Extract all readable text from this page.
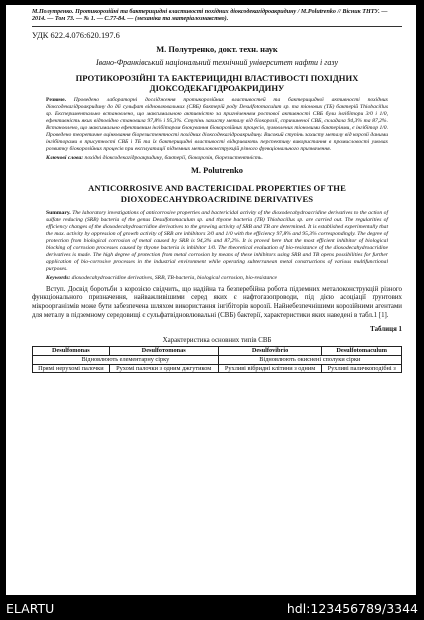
М.Полутренко. Протикорозійні та бактерицидні властивості похідних діоксодекагідроакридину / M.Polutrenko // Вісник ТНТУ. — 2014. — Том 73. — № 1. — С.77-84. — (механіка та матеріалознавство).
УДК 622.4.076:620.197.6
М. Полутренко, докт. техн. наук
Івано-Франківський національний технічний університет нафти і газу
ПРОТИКОРОЗІЙНІ ТА БАКТЕРИЦИДНІ ВЛАСТИВОСТІ ПОХІДНИХ ДІОКСОДЕКАГІДРОАКРИДИНУ
Резюме. Проведено лабораторні дослідження протикорозійних властивостей та бактерицидної активності похідних діоксодекагідроакридину до дії сульфат відновлювальних (СВБ) бактерій роду Desulfotomaculum sp. та тіонових (ТБ) бактерій Thiobacillus sp. Експериментально встановлено, що максимальною активністю за пригніченням ростової активності СВБ були інгібітори 3/0 і 1/0, ефективність яких відповідно становила 97,8% і 95,3%. Ступінь захисту металу від біокорозії, спричиненої СВБ, складала 94,3% та 87,2%. Встановлено, що максимально ефективним інгібітором блокування біокорозійних процесів, зумовлених тіоновими бактеріями, є інгібітор 1/0. Проведено теоретичне оцінювання біорезистентності похідних діоксодекагідроакридину. Високий ступінь захисту металу від корозії даними інгібіторами в присутності СВБ і ТБ та їх бактерицидні властивості відкривають перспективу використання в промисловості умовах розвитку біокорозійних процесів при експлуатації підземних металоконструкцій різного функціонального призначення.
Ключові слова: похідні діоксодекагідроакридину, бактерії, біокорозія, біорезистентність.
M. Polutrenko
ANTICORROSIVE AND BACTERICIDAL PROPERTIES OF THE DIOXODECAHYDROACRIDINE DERIVATIVES
Summary. The laboratory investigations of anticorrosive properties and bactericidal activity of the dioxodecahydroacridine derivatives to the action of sulfate reducing (SRB) bacteria of the genus Desulfotomaculum sp. and thyone bacteria (TB) Thiobacillus sp. are carried out. The regularities of efficiency changes of the dioxodecahydroacridine derivatives to the growing activity of SRB and TB are determined. It is established experimentally that the max. activity by oppression of growth activity of SRB are inhibitors 3/0 and 1/0 with the efficiency 97,8% and 95,3% correspondingly. The degree of protection from biological corrosion of metal caused by SRB is 94,3% and 87,2%. It is proved here that the most efficient inhibitor of biological blocking of corrosion processes caused by thyone bacteria is inhibitor 1/0. The theoretical evaluation of bio-resistance of the dioxodecahydroacridine derivatives is made. The high degree of protection from metal corrosion by means of these inhibitors using SRB and TB opens possibilities for further application of bio-corrosive processes in the industrial environment while operating subterranean metal constructions of various multifunctional purposes.
Keywords: dioxodecahydroacridine derivatives, SRB, TB-bacteria, biological corrosion, bio-resistance

Вступ. Досвід боротьби з корозією свідчить, що надійна та безперебійна робота підземних металоконструкцій різного функціонального призначення, найважливішими серед яких є нафтогазопроводи, під дією асоціації ґрунтових мікроорганізмів може бути забезпечена шляхом використання інгібіторів корозії. Найнебезпечнішими корозійними агентами для металу в підземному середовищі є сульфатвідновлювальні (СВБ) бактерії, характеристики яких наведені в табл.1 [1].

Таблиця 1
Характеристика основних типів СВБ
Desulfomonas	Desulfoтomonas	Desulfovibrio	Desulfotomaculum
Відновлюють елементарну сірку		Відновлюють окиснені сполуки сірки	
Прямі нерухомі палочки	Рухомі палочки з одним джгутиком	Рухливі вібридні клітини з одним	Рухливі паличкоподібні з
ELARTU	hdl:123456789/3344
